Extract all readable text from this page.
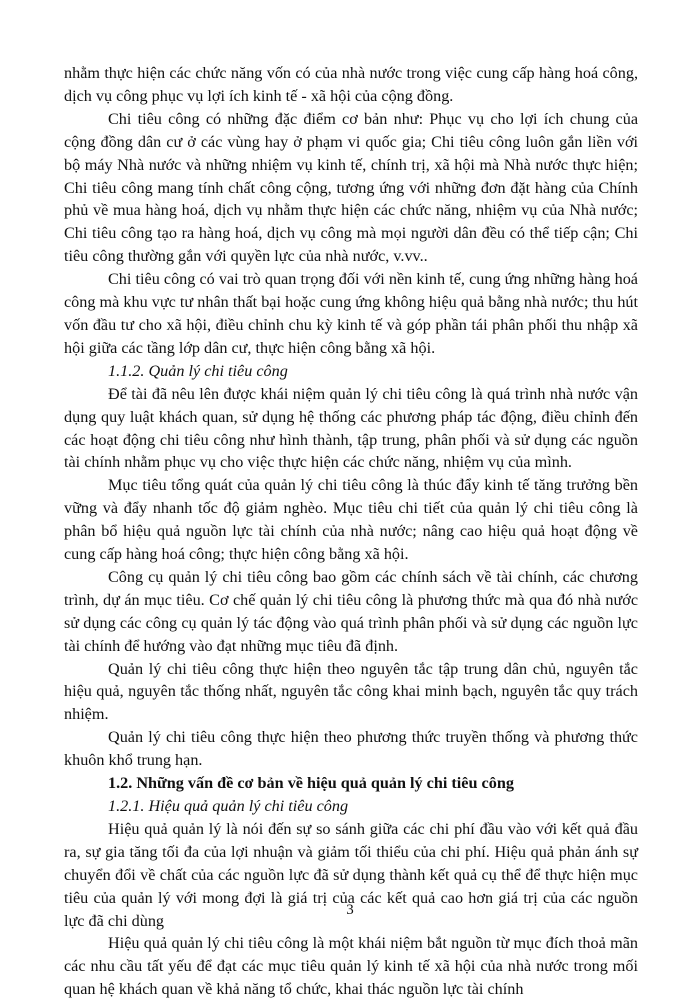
nhằm thực hiện các chức năng vốn có của nhà nước trong việc cung cấp hàng hoá công, dịch vụ công phục vụ lợi ích kinh tế - xã hội của cộng đồng.

Chi tiêu công có những đặc điểm cơ bản như: Phục vụ cho lợi ích chung của cộng đồng dân cư ở các vùng hay ở phạm vi quốc gia; Chi tiêu công luôn gắn liền với bộ máy Nhà nước và những nhiệm vụ kinh tế, chính trị, xã hội mà Nhà nước thực hiện; Chi tiêu công mang tính chất công cộng, tương ứng với những đơn đặt hàng của Chính phủ về mua hàng hoá, dịch vụ nhằm thực hiện các chức năng, nhiệm vụ của Nhà nước; Chi tiêu công tạo ra hàng hoá, dịch vụ công mà mọi người dân đều có thể tiếp cận; Chi tiêu công thường gắn với quyền lực của nhà nước, v.vv..

Chi tiêu công có vai trò quan trọng đối với nền kinh tế, cung ứng những hàng hoá công mà khu vực tư nhân thất bại hoặc cung ứng không hiệu quả bằng nhà nước; thu hút vốn đầu tư cho xã hội, điều chỉnh chu kỳ kinh tế và góp phần tái phân phối thu nhập xã hội giữa các tầng lớp dân cư, thực hiện công bằng xã hội.

1.1.2. Quản lý chi tiêu công

Để tài đã nêu lên được khái niệm quản lý chi tiêu công là quá trình nhà nước vận dụng quy luật khách quan, sử dụng hệ thống các phương pháp tác động, điều chỉnh đến các hoạt động chi tiêu công như hình thành, tập trung, phân phối và sử dụng các nguồn tài chính nhằm phục vụ cho việc thực hiện các chức năng, nhiệm vụ của mình.

Mục tiêu tổng quát của quản lý chi tiêu công là thúc đẩy kinh tế tăng trưởng bền vững và đẩy nhanh tốc độ giảm nghèo. Mục tiêu chi tiết của quản lý chi tiêu công là phân bổ hiệu quả nguồn lực tài chính của nhà nước; nâng cao hiệu quả hoạt động về cung cấp hàng hoá công; thực hiện công bằng xã hội.

Công cụ quản lý chi tiêu công bao gồm các chính sách về tài chính, các chương trình, dự án mục tiêu. Cơ chế quản lý chi tiêu công là phương thức mà qua đó nhà nước sử dụng các công cụ quản lý tác động vào quá trình phân phối và sử dụng các nguồn lực tài chính để hướng vào đạt những mục tiêu đã định.

Quản lý chi tiêu công thực hiện theo nguyên tắc tập trung dân chủ, nguyên tắc hiệu quả, nguyên tắc thống nhất, nguyên tắc công khai minh bạch, nguyên tắc quy trách nhiệm.

Quản lý chi tiêu công thực hiện theo phương thức truyền thống và phương thức khuôn khổ trung hạn.

1.2. Những vấn đề cơ bản về hiệu quả quản lý chi tiêu công

1.2.1. Hiệu quả quản lý chi tiêu công

Hiệu quả quản lý là nói đến sự so sánh giữa các chi phí đầu vào với kết quả đầu ra, sự gia tăng tối đa của lợi nhuận và giảm tối thiểu của chi phí. Hiệu quả phản ánh sự chuyển đổi về chất của các nguồn lực đã sử dụng thành kết quả cụ thể để thực hiện mục tiêu của quản lý với mong đợi là giá trị của các kết quả cao hơn giá trị của các nguồn lực đã chi dùng

Hiệu quả quản lý chi tiêu công là một khái niệm bắt nguồn từ mục đích thoả mãn các nhu cầu tất yếu để đạt các mục tiêu quản lý kinh tế xã hội của nhà nước trong mối quan hệ khách quan về khả năng tổ chức, khai thác nguồn lực tài chính

3
